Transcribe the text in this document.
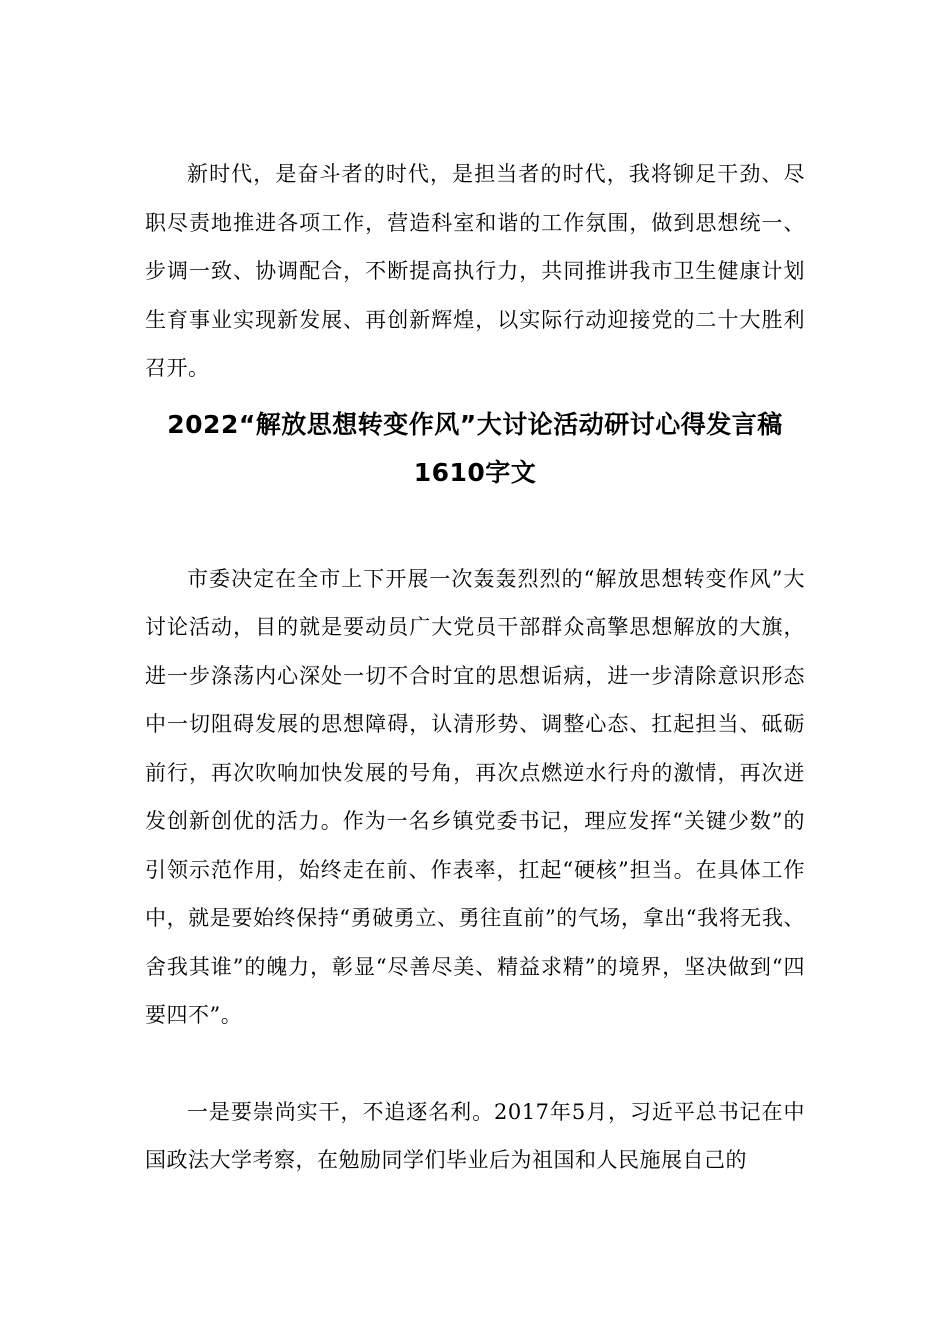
新时代，是奋斗者的时代，是担当者的时代，我将铆足干劲、尽职尽责地推进各项工作，营造科室和谐的工作氛围，做到思想统一、步调一致、协调配合，不断提高执行力，共同推讲我市卫生健康计划生育事业实现新发展、再创新辉煌，以实际行动迎接党的二十大胜利召开。

2022“解放思想转变作风”大讨论活动研讨心得发言稿1610字文

市委决定在全市上下开展一次轰轰烈烈的“解放思想转变作风”大讨论活动，目的就是要动员广大党员干部群众高擎思想解放的大旗，进一步涤荡内心深处一切不合时宜的思想诟病，进一步清除意识形态中一切阻碍发展的思想障碍，认清形势、调整心态、扛起担当、砥砺前行，再次吹响加快发展的号角，再次点燃逆水行舟的激情，再次迸发创新创优的活力。作为一名乡镇党委书记，理应发挥“关键少数”的引领示范作用，始终走在前、作表率，扛起“硬核”担当。在具体工作中，就是要始终保持“勇破勇立、勇往直前”的气场，拿出“我将无我、舍我其谁”的魄力，彰显“尽善尽美、精益求精”的境界，坚决做到“四要四不”。

一是要崇尚实干，不追逐名利。2017年5月，习近平总书记在中国政法大学考察，在勉励同学们毕业后为祖国和人民施展自己的
